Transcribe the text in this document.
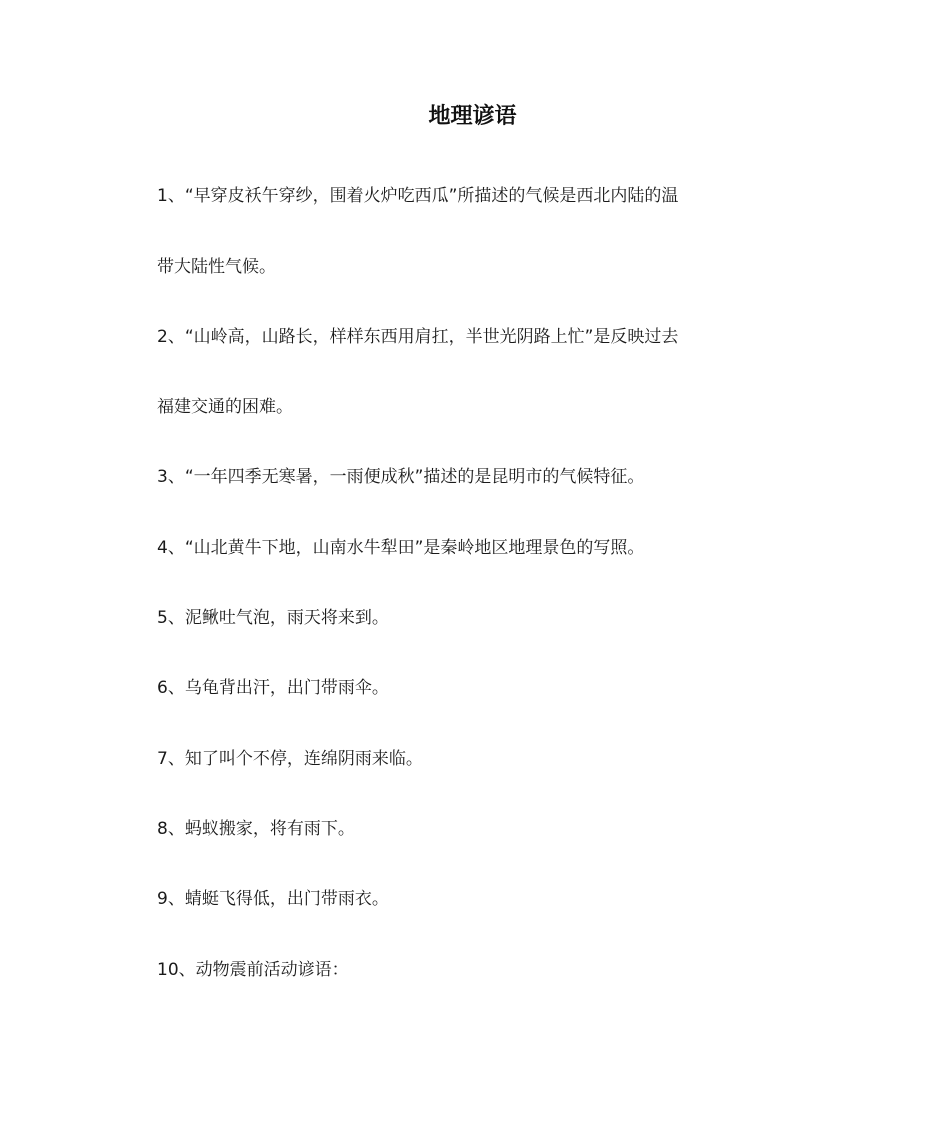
地理谚语
1、“早穿皮袄午穿纱，围着火炉吃西瓜”所描述的气候是西北内陆的温
带大陆性气候。
2、“山岭高，山路长，样样东西用肩扛，半世光阴路上忙”是反映过去
福建交通的困难。
3、“一年四季无寒暑，一雨便成秋”描述的是昆明市的气候特征。
4、“山北黄牛下地，山南水牛犁田”是秦岭地区地理景色的写照。
5、泥鳅吐气泡，雨天将来到。
6、乌龟背出汗，出门带雨伞。
7、知了叫个不停，连绵阴雨来临。
8、蚂蚁搬家，将有雨下。
9、蜻蜓飞得低，出门带雨衣。
10、动物震前活动谚语：
